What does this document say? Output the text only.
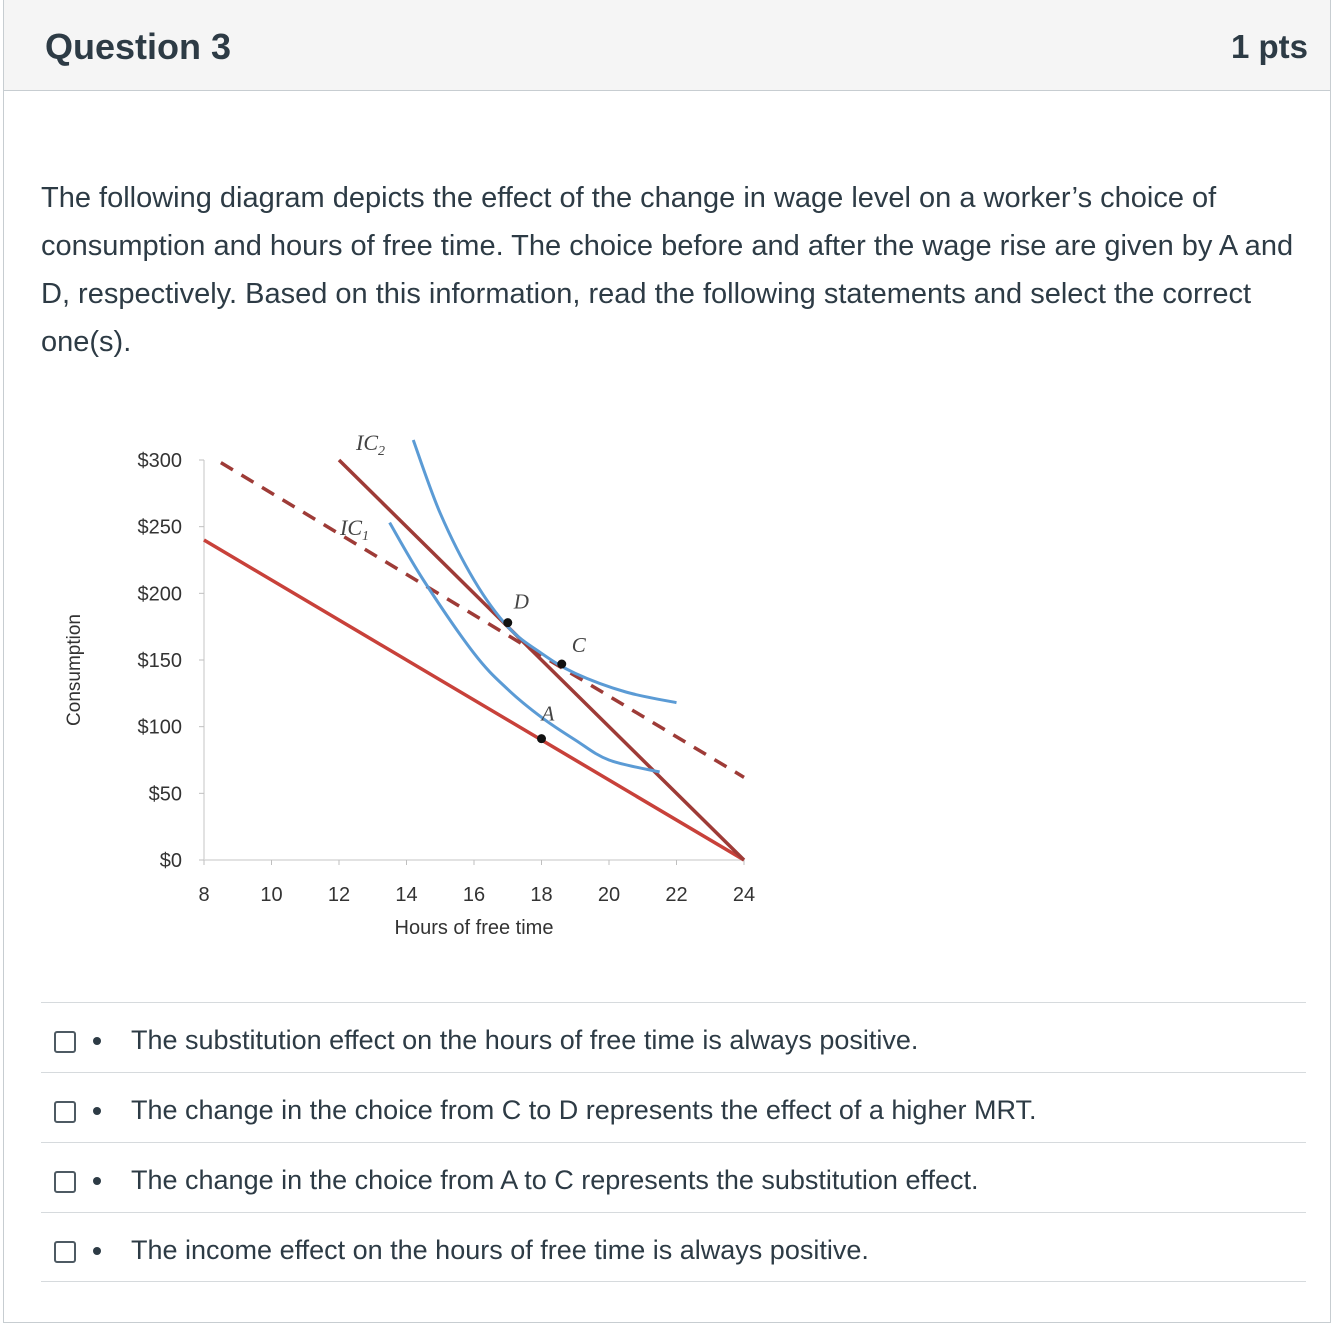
Question 3	1 pts
The following diagram depicts the effect of the change in wage level on a worker’s choice of consumption and hours of free time. The choice before and after the wage rise are given by A and D, respectively. Based on this information, read the following statements and select the correct one(s).
$0
$50
$100
$150
$200
$250
$300
8	10 12 14 16 18 20 22 24
Hours of free time
Consumption
$IC_1$
$IC_2$
A
C
D
The substitution effect on the hours of free time is always positive.
The change in the choice from C to D represents the effect of a higher MRT.
The change in the choice from A to C represents the substitution effect.
The income effect on the hours of free time is always positive.
